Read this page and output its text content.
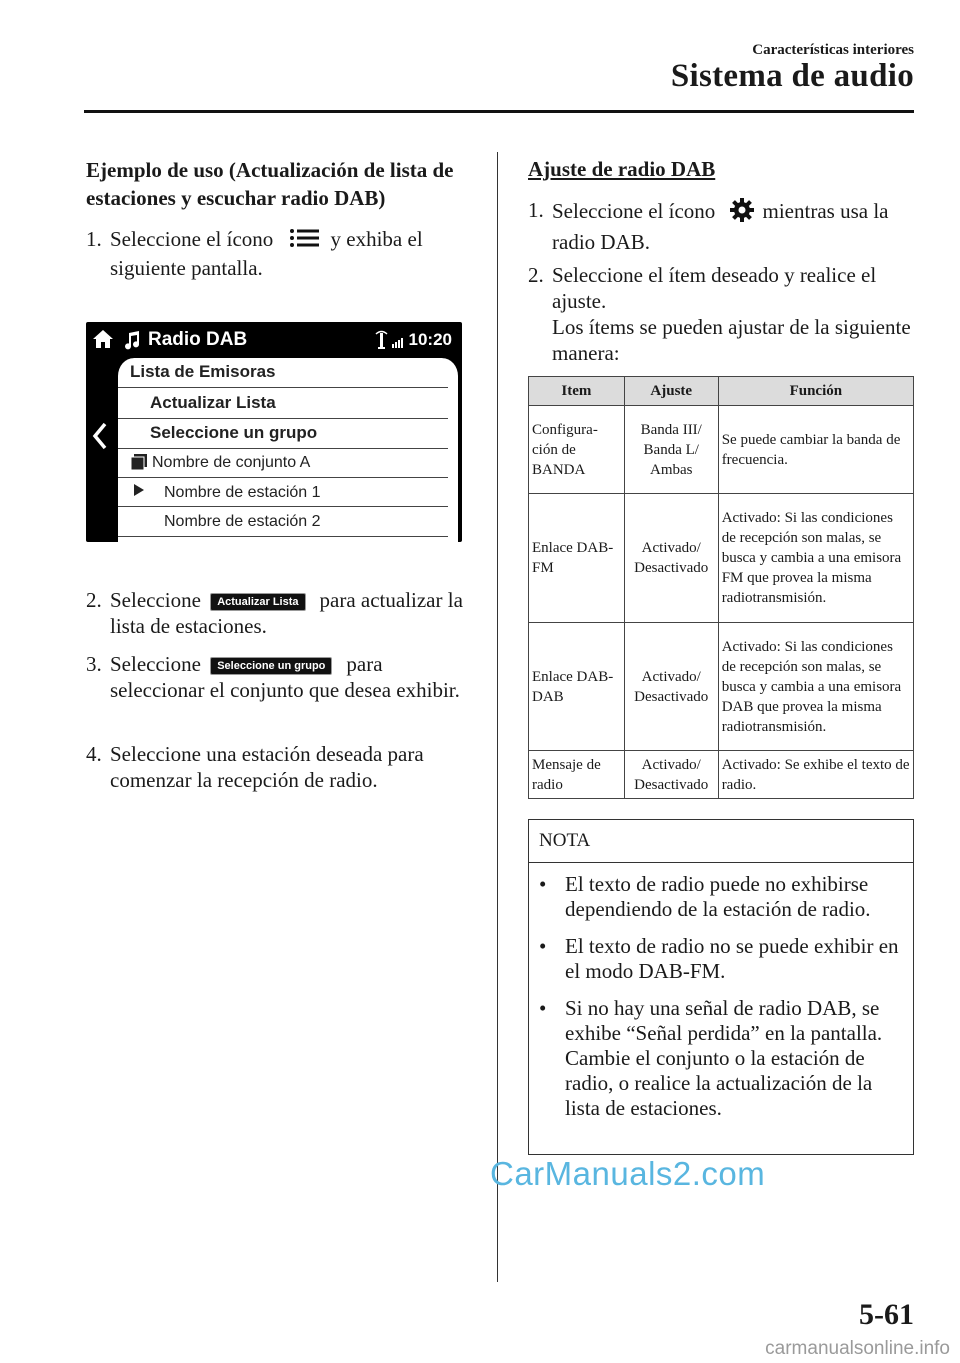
Características interiores
Sistema de audio
Ejemplo de uso (Actualización de lista de estaciones y escuchar radio DAB)
1. Seleccione el ícono	y exhiba el siguiente pantalla.
Radio DAB	10:20
Lista de Emisoras
Actualizar Lista
Seleccione un grupo
Nombre de conjunto A
Nombre de estación 1
Nombre de estación 2
2. Seleccione Actualizar Lista para actualizar la lista de estaciones.
3. Seleccione Seleccione un grupo para seleccionar el conjunto que desea exhibir.
4. Seleccione una estación deseada para comenzar la recepción de radio.
Ajuste de radio DAB
1. Seleccione el ícono mientras usa la radio DAB.
2. Seleccione el ítem deseado y realice el ajuste.
Los ítems se pueden ajustar de la siguiente manera:
Item	Ajuste	Función
Configura-ción de BANDA	Banda III/ Banda L/ Ambas	Se puede cambiar la banda de frecuencia.
Enlace DAB-FM	Activado/ Desactivado	Activado: Si las condiciones de recepción son malas, se busca y cambia a una emisora FM que provea la misma radiotransmisión.
Enlace DAB-DAB	Activado/ Desactivado	Activado: Si las condiciones de recepción son malas, se busca y cambia a una emisora DAB que provea la misma radiotransmisión.
Mensaje de radio	Activado/ Desactivado	Activado: Se exhibe el texto de radio.
NOTA
• El texto de radio puede no exhibirse dependiendo de la estación de radio.
• El texto de radio no se puede exhibir en el modo DAB-FM.
• Si no hay una señal de radio DAB, se exhibe “Señal perdida” en la pantalla. Cambie el conjunto o la estación de radio, o realice la actualización de la lista de estaciones.
CarManuals2.com
5-61
carmanualsonline.info
